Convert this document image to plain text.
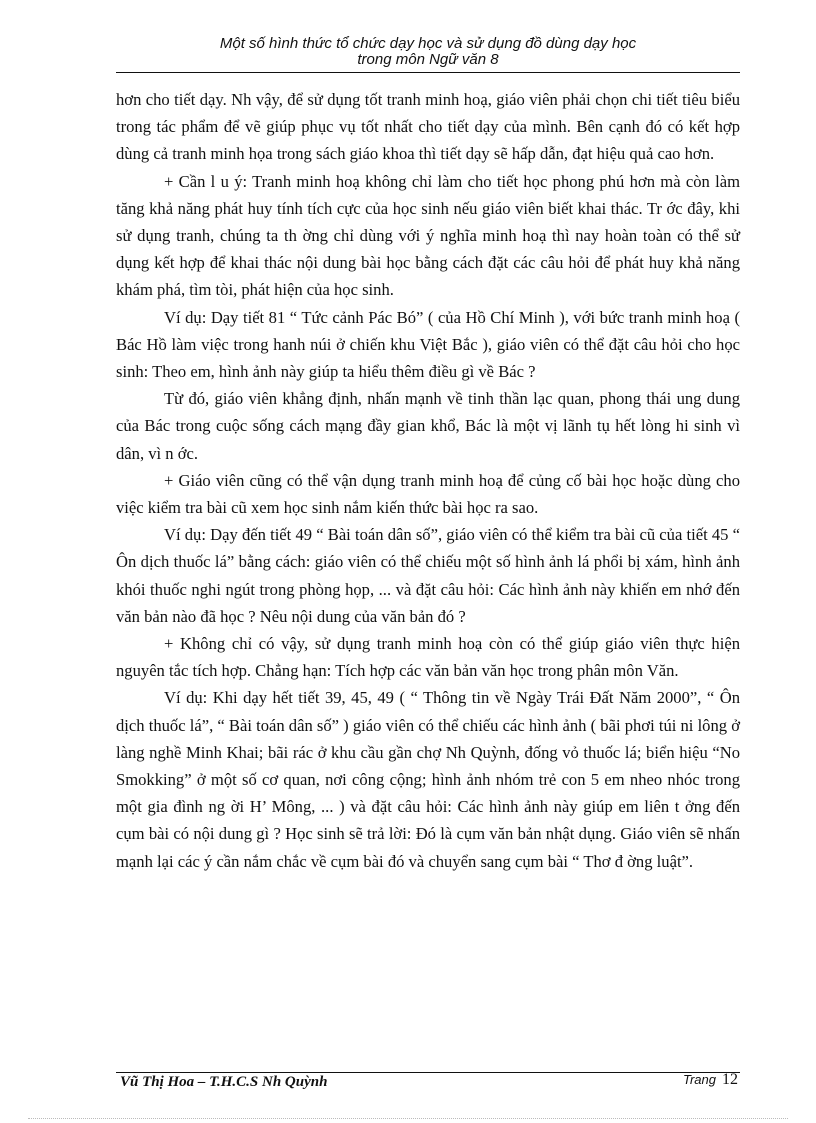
Một số hình thức tổ chức dạy học và sử dụng đồ dùng dạy học
trong môn Ngữ văn 8

hơn cho tiết dạy. Nh vậy, để sử dụng tốt tranh minh hoạ, giáo viên phải chọn chi tiết tiêu biểu trong tác phẩm để vẽ giúp phục vụ tốt nhất cho tiết dạy của mình. Bên cạnh đó có kết hợp dùng cả tranh minh họa trong sách giáo khoa thì tiết dạy sẽ hấp dẫn, đạt hiệu quả cao hơn.

+ Cần l u ý: Tranh minh hoạ không chỉ làm cho tiết học phong phú hơn mà còn làm tăng khả năng phát huy tính tích cực của học sinh nếu giáo viên biết khai thác. Tr ớc đây, khi sử dụng tranh, chúng ta th ờng chỉ dùng với ý nghĩa minh hoạ thì nay hoàn toàn có thể sử dụng kết hợp để khai thác nội dung bài học bằng cách đặt các câu hỏi để phát huy khả năng khám phá, tìm tòi, phát hiện của học sinh.

Ví dụ: Dạy tiết 81 “ Tức cảnh Pác Bó” ( của Hồ Chí Minh ), với bức tranh minh hoạ ( Bác Hồ làm việc trong hanh núi ở chiến khu Việt Bắc ), giáo viên có thể đặt câu hỏi cho học sinh: Theo em, hình ảnh này giúp ta hiểu thêm điều gì về Bác ?

Từ đó, giáo viên khẳng định, nhấn mạnh về tinh thần lạc quan, phong thái ung dung của Bác trong cuộc sống cách mạng đầy gian khổ, Bác là một vị lãnh tụ hết lòng hi sinh vì dân, vì n ớc.

+ Giáo viên cũng có thể vận dụng tranh minh hoạ để củng cố bài học hoặc dùng cho việc kiểm tra bài cũ xem học sinh nắm kiến thức bài học ra sao.

Ví dụ: Dạy đến tiết 49 “ Bài toán dân số”, giáo viên có thể kiểm tra bài cũ của tiết 45 “ Ôn dịch thuốc lá” bằng cách: giáo viên có thể chiếu một số hình ảnh lá phổi bị xám, hình ảnh khói thuốc nghi ngút trong phòng họp, ... và đặt câu hỏi: Các hình ảnh này khiến em nhớ đến văn bản nào đã học ? Nêu nội dung của văn bản đó ?

+ Không chỉ có vậy, sử dụng tranh minh hoạ còn có thể giúp giáo viên thực hiện nguyên tắc tích hợp. Chẳng hạn: Tích hợp các văn bản văn học trong phân môn Văn.

Ví dụ: Khi dạy hết tiết 39, 45, 49 ( “ Thông tin về Ngày Trái Đất Năm 2000”, “ Ôn dịch thuốc lá”, “ Bài toán dân số” ) giáo viên có thể chiếu các hình ảnh ( bãi phơi túi ni lông ở làng nghề Minh Khai; bãi rác ở khu cầu gần chợ Nh Quỳnh, đống vỏ thuốc lá; biển hiệu “No Smokking” ở một số cơ quan, nơi công cộng; hình ảnh nhóm trẻ con 5 em nheo nhóc trong một gia đình ng ời H’ Mông, ... ) và đặt câu hỏi: Các hình ảnh này giúp em liên t ởng đến cụm bài có nội dung gì ? Học sinh sẽ trả lời: Đó là cụm văn bản nhật dụng. Giáo viên sẽ nhấn mạnh lại các ý cần nắm chắc về cụm bài đó và chuyển sang cụm bài “ Thơ đ ờng luật”.

Vũ Thị Hoa – T.H.C.S Nh Quỳnh	Trang 12
